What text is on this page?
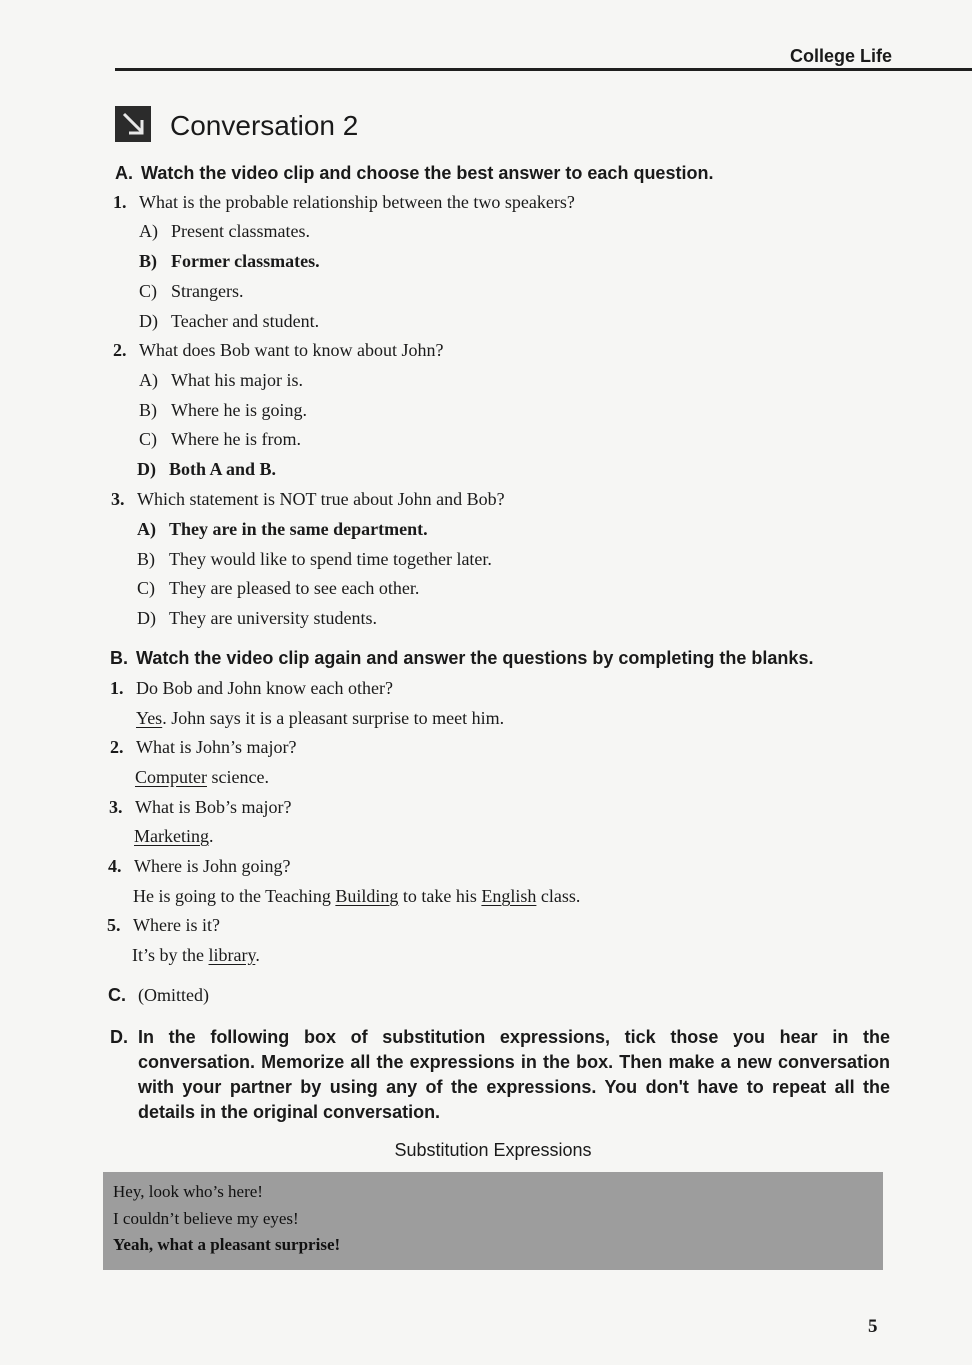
College Life
Conversation 2
A. Watch the video clip and choose the best answer to each question.
1. What is the probable relationship between the two speakers?
A) Present classmates.
B) Former classmates.
C) Strangers.
D) Teacher and student.
2. What does Bob want to know about John?
A) What his major is.
B) Where he is going.
C) Where he is from.
D) Both A and B.
3. Which statement is NOT true about John and Bob?
A) They are in the same department.
B) They would like to spend time together later.
C) They are pleased to see each other.
D) They are university students.
B. Watch the video clip again and answer the questions by completing the blanks.
1. Do Bob and John know each other?
Yes. John says it is a pleasant surprise to meet him.
2. What is John’s major?
Computer science.
3. What is Bob’s major?
Marketing.
4. Where is John going?
He is going to the Teaching Building to take his English class.
5. Where is it?
It’s by the library.
C. (Omitted)
D. In the following box of substitution expressions, tick those you hear in the conversation. Memorize all the expressions in the box. Then make a new conversation with your partner by using any of the expressions. You don't have to repeat all the details in the original conversation.
Substitution Expressions
Hey, look who’s here!
I couldn’t believe my eyes!
Yeah, what a pleasant surprise!
5
